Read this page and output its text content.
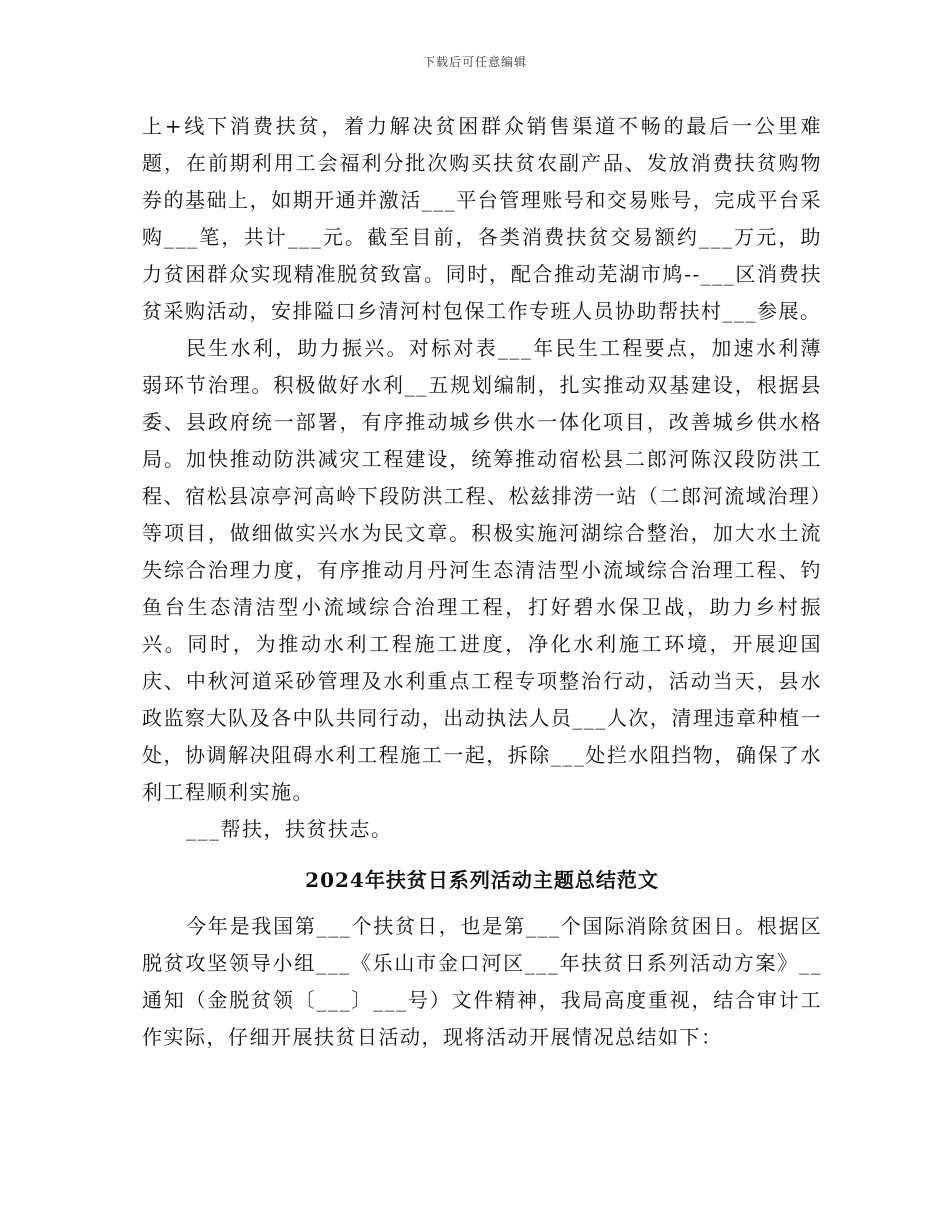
下载后可任意编辑

上+线下消费扶贫，着力解决贫困群众销售渠道不畅的最后一公里难题，在前期利用工会福利分批次购买扶贫农副产品、发放消费扶贫购物券的基础上，如期开通并激活___平台管理账号和交易账号，完成平台采购___笔，共计___元。截至目前，各类消费扶贫交易额约___万元，助力贫困群众实现精准脱贫致富。同时，配合推动芜湖市鸠--___区消费扶贫采购活动，安排隘口乡清河村包保工作专班人员协助帮扶村___参展。

民生水利，助力振兴。对标对表___年民生工程要点，加速水利薄弱环节治理。积极做好水利__五规划编制，扎实推动双基建设，根据县委、县政府统一部署，有序推动城乡供水一体化项目，改善城乡供水格局。加快推动防洪减灾工程建设，统筹推动宿松县二郎河陈汉段防洪工程、宿松县凉亭河高岭下段防洪工程、松兹排涝一站（二郎河流域治理）等项目，做细做实兴水为民文章。积极实施河湖综合整治，加大水土流失综合治理力度，有序推动月丹河生态清洁型小流域综合治理工程、钓鱼台生态清洁型小流域综合治理工程，打好碧水保卫战，助力乡村振兴。同时，为推动水利工程施工进度，净化水利施工环境，开展迎国庆、中秋河道采砂管理及水利重点工程专项整治行动，活动当天，县水政监察大队及各中队共同行动，出动执法人员___人次，清理违章种植一处，协调解决阻碍水利工程施工一起，拆除___处拦水阻挡物，确保了水利工程顺利实施。

___帮扶，扶贫扶志。

2024年扶贫日系列活动主题总结范文

今年是我国第___个扶贫日，也是第___个国际消除贫困日。根据区脱贫攻坚领导小组___《乐山市金口河区___年扶贫日系列活动方案》__通知（金脱贫领〔___〕___号）文件精神，我局高度重视，结合审计工作实际，仔细开展扶贫日活动，现将活动开展情况总结如下：
